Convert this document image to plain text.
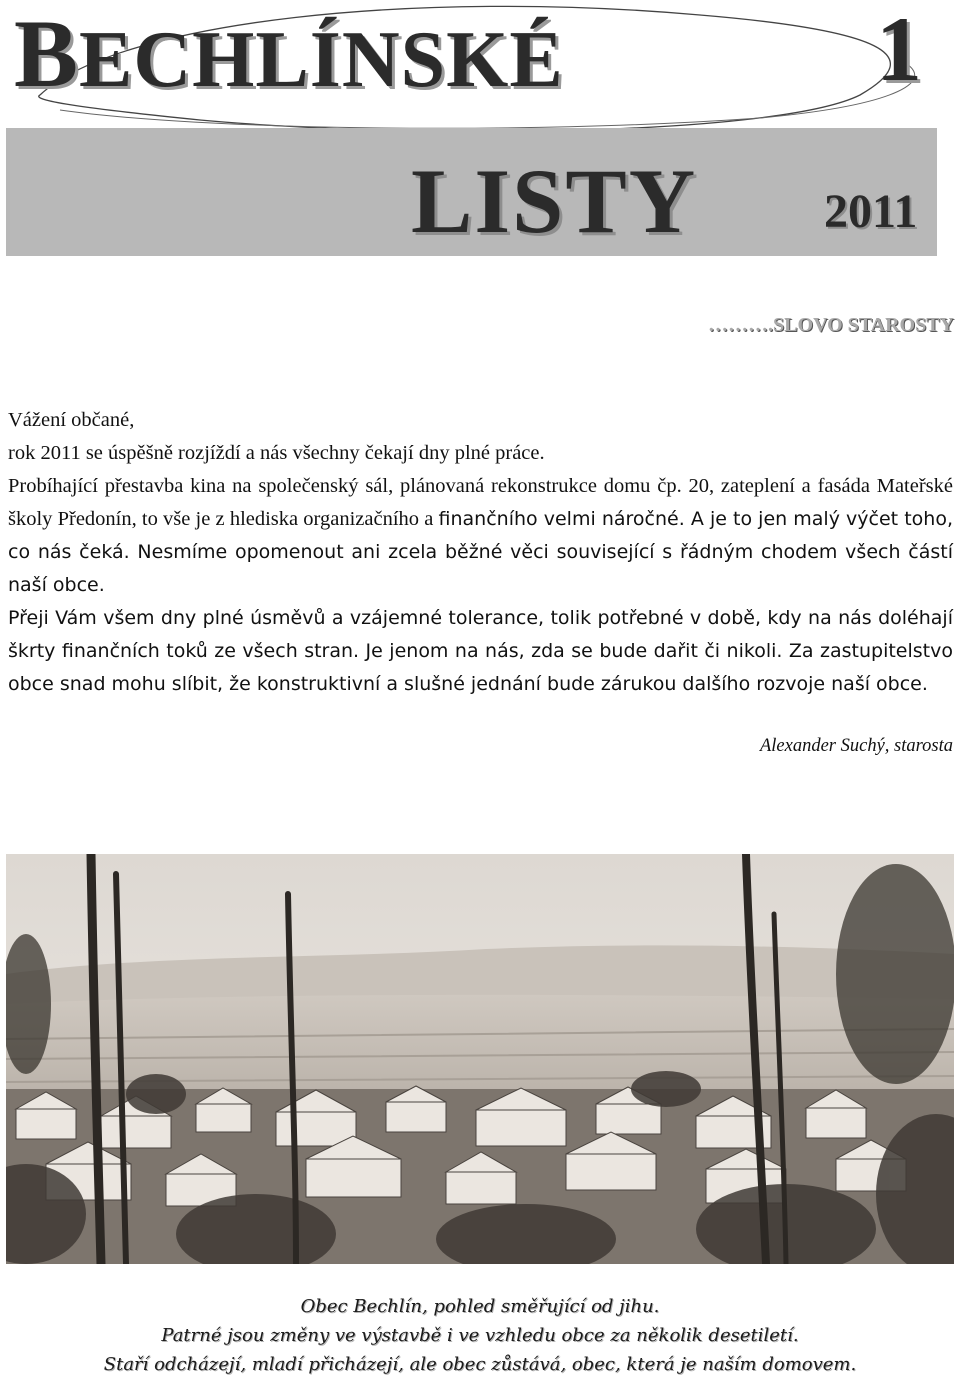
BECHLÍNSKÉ	1
LISTY	2011
……….SLOVO STAROSTY

Vážení občané,

rok 2011 se úspěšně rozjíždí a nás všechny čekají dny plné práce.

Probíhající přestavba kina na společenský sál, plánovaná rekonstrukce domu čp. 20, zateplení a fasáda Mateřské školy Předonín, to vše je z hlediska organizačního a finančního velmi náročné. A je to jen malý výčet toho, co nás čeká. Nesmíme opomenout ani zcela běžné věci související s řádným chodem všech částí naší obce.

Přeji Vám všem dny plné úsměvů a vzájemné tolerance, tolik potřebné v době, kdy na nás doléhají škrty finančních toků ze všech stran. Je jenom na nás, zda se bude dařit či nikoli. Za zastupitelstvo obce snad mohu slíbit, že konstruktivní a slušné jednání bude zárukou dalšího rozvoje naší obce.

Alexander Suchý, starosta
Obec Bechlín, pohled směřující od jihu.
Patrné jsou změny ve výstavbě i ve vzhledu obce za několik desetiletí.
Staří odcházejí, mladí přicházejí, ale obec zůstává, obec, která je naším domovem.
